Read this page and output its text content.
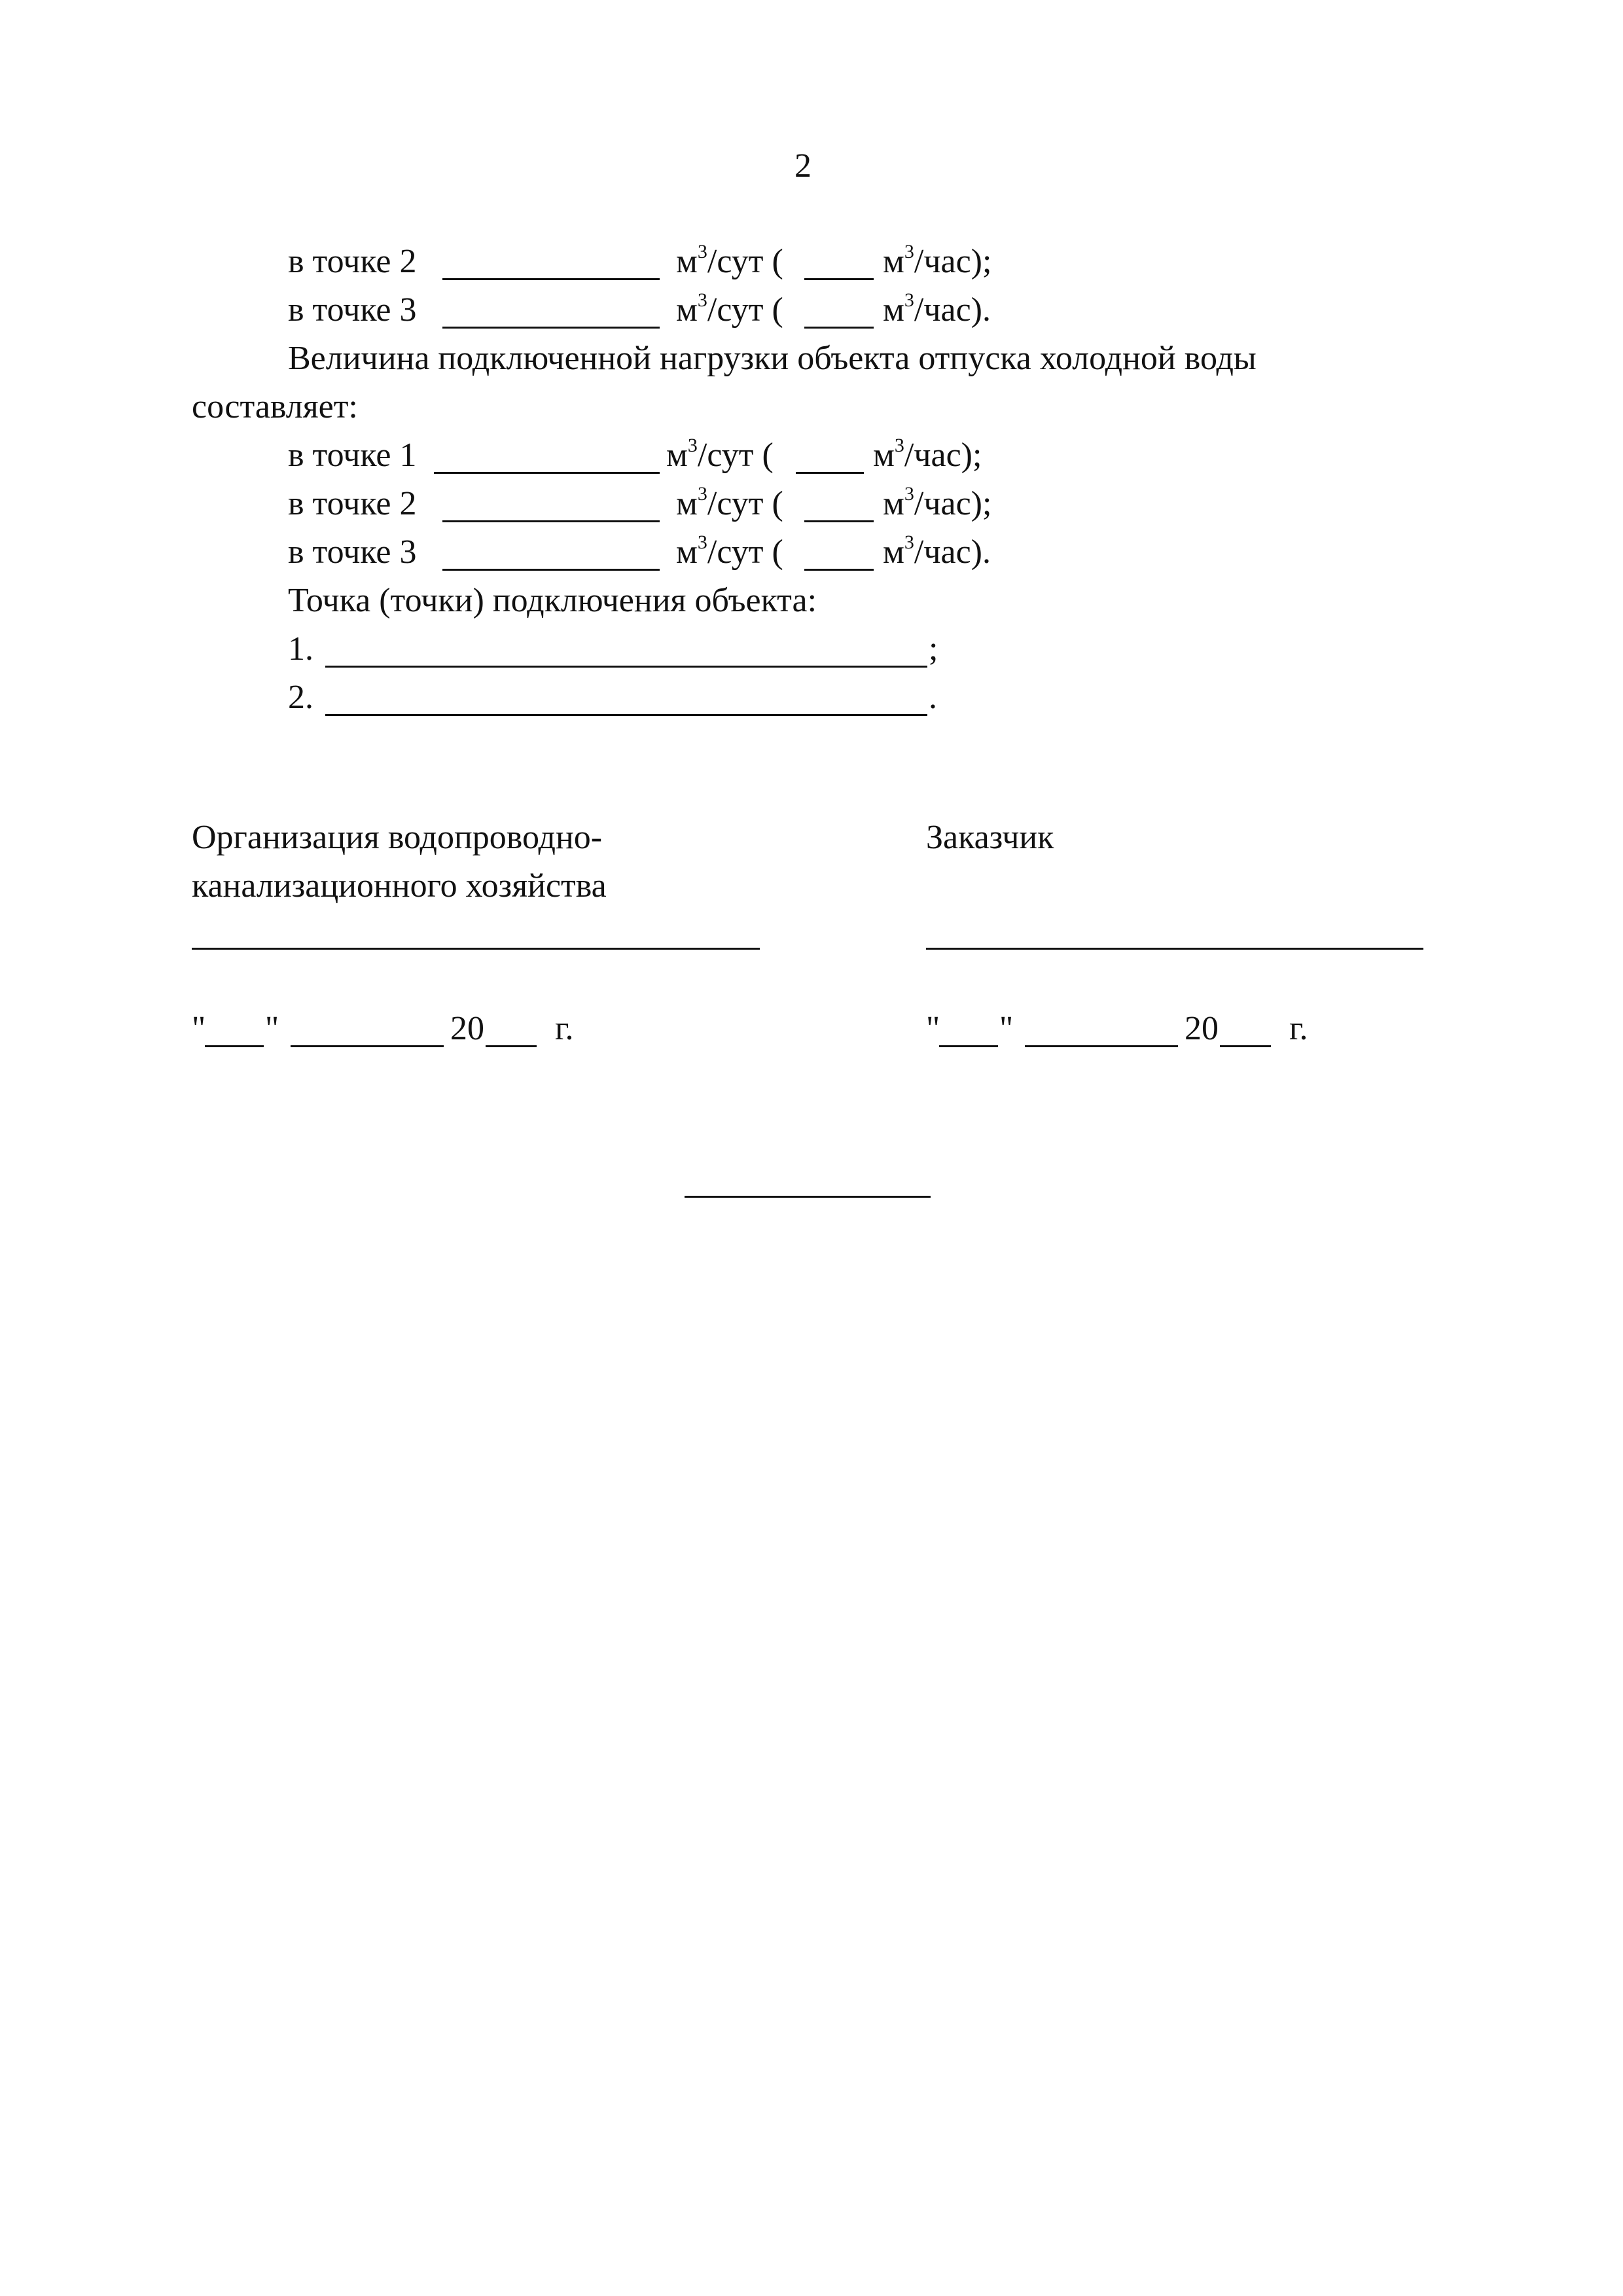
2
в точке 2	$м^3$/сут (	$м^3/час$);
в точке 3	$м^3$/сут (	$м^3/час$).
Величина подключенной нагрузки объекта отпуска холодной воды
составляет:
в точке 1	$м^3$/сут (	$м^3/час$);
в точке 2	$м^3$/сут (	$м^3/час$);
в точке 3	$м^3$/сут (	$м^3/час$).
Точка (точки) подключения объекта:
1.	;
2.	.
Организация водопроводно-
канализационного хозяйства
" "	20 г.
Заказчик
" "	20 г.
